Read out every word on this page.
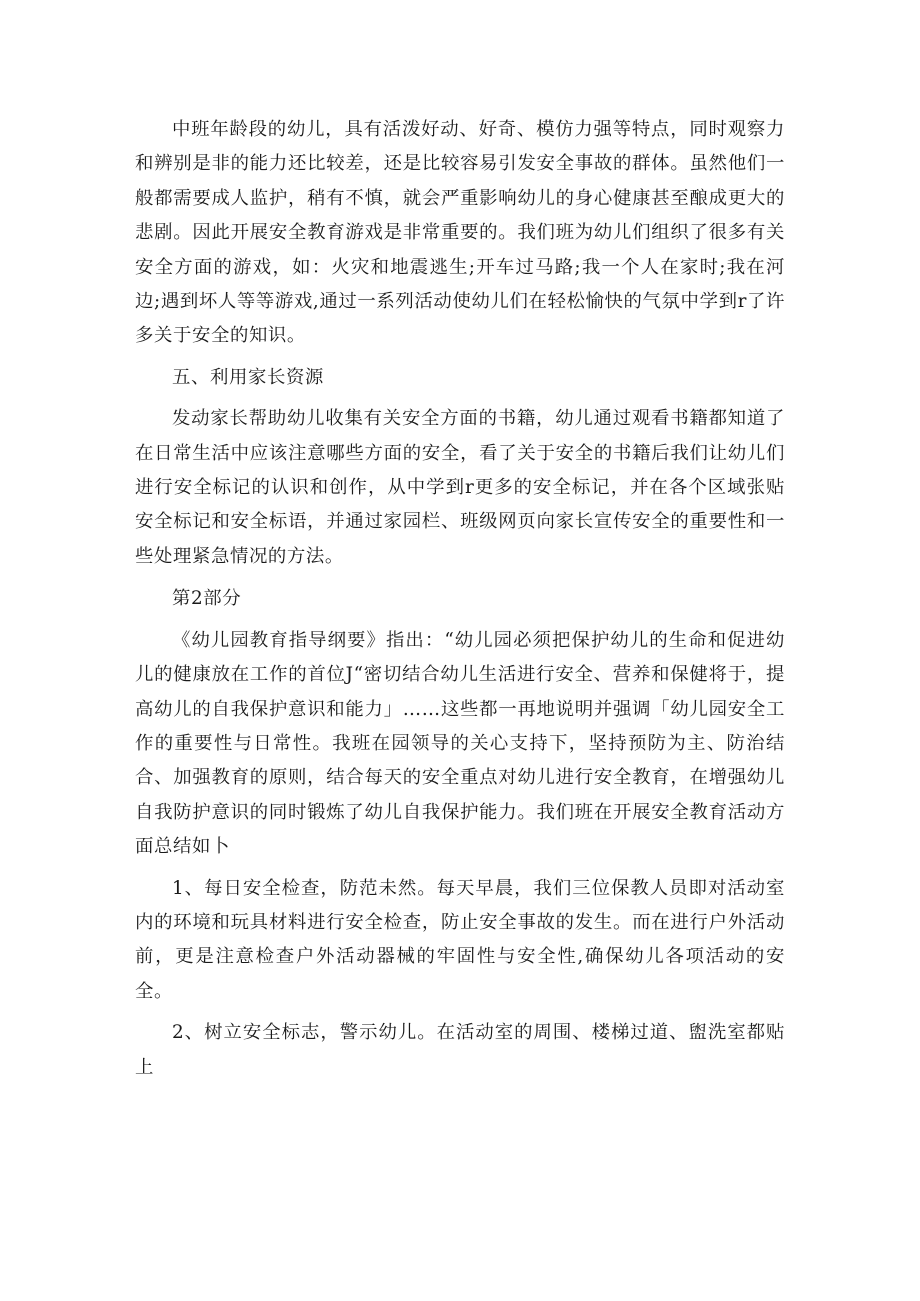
中班年龄段的幼儿，具有活泼好动、好奇、模仿力强等特点，同时观察力和辨别是非的能力还比较差，还是比较容易引发安全事故的群体。虽然他们一般都需要成人监护，稍有不慎，就会严重影响幼儿的身心健康甚至酿成更大的悲剧。因此开展安全教育游戏是非常重要的。我们班为幼儿们组织了很多有关安全方面的游戏，如：火灾和地震逃生;开车过马路;我一个人在家时;我在河边;遇到坏人等等游戏,通过一系列活动使幼儿们在轻松愉快的气氛中学到r了许多关于安全的知识。

五、利用家长资源

发动家长帮助幼儿收集有关安全方面的书籍，幼儿通过观看书籍都知道了在日常生活中应该注意哪些方面的安全，看了关于安全的书籍后我们让幼儿们进行安全标记的认识和创作，从中学到r更多的安全标记，并在各个区域张贴安全标记和安全标语，并通过家园栏、班级网页向家长宣传安全的重要性和一些处理紧急情况的方法。

第2部分

《幼儿园教育指导纲要》指出：“幼儿园必须把保护幼儿的生命和促进幼儿的健康放在工作的首位J“密切结合幼儿生活进行安全、营养和保健将于，提高幼儿的自我保护意识和能力」……这些都一再地说明并强调「幼儿园安全工作的重要性与日常性。我班在园领导的关心支持下，坚持预防为主、防治结合、加强教育的原则，结合每天的安全重点对幼儿进行安全教育，在增强幼儿自我防护意识的同时锻炼了幼儿自我保护能力。我们班在开展安全教育活动方面总结如卜

1、每日安全检查，防范未然。每天早晨，我们三位保教人员即对活动室内的环境和玩具材料进行安全检查，防止安全事故的发生。而在进行户外活动前，更是注意检查户外活动器械的牢固性与安全性,确保幼儿各项活动的安全。

2、树立安全标志，警示幼儿。在活动室的周围、楼梯过道、盥洗室都贴上
